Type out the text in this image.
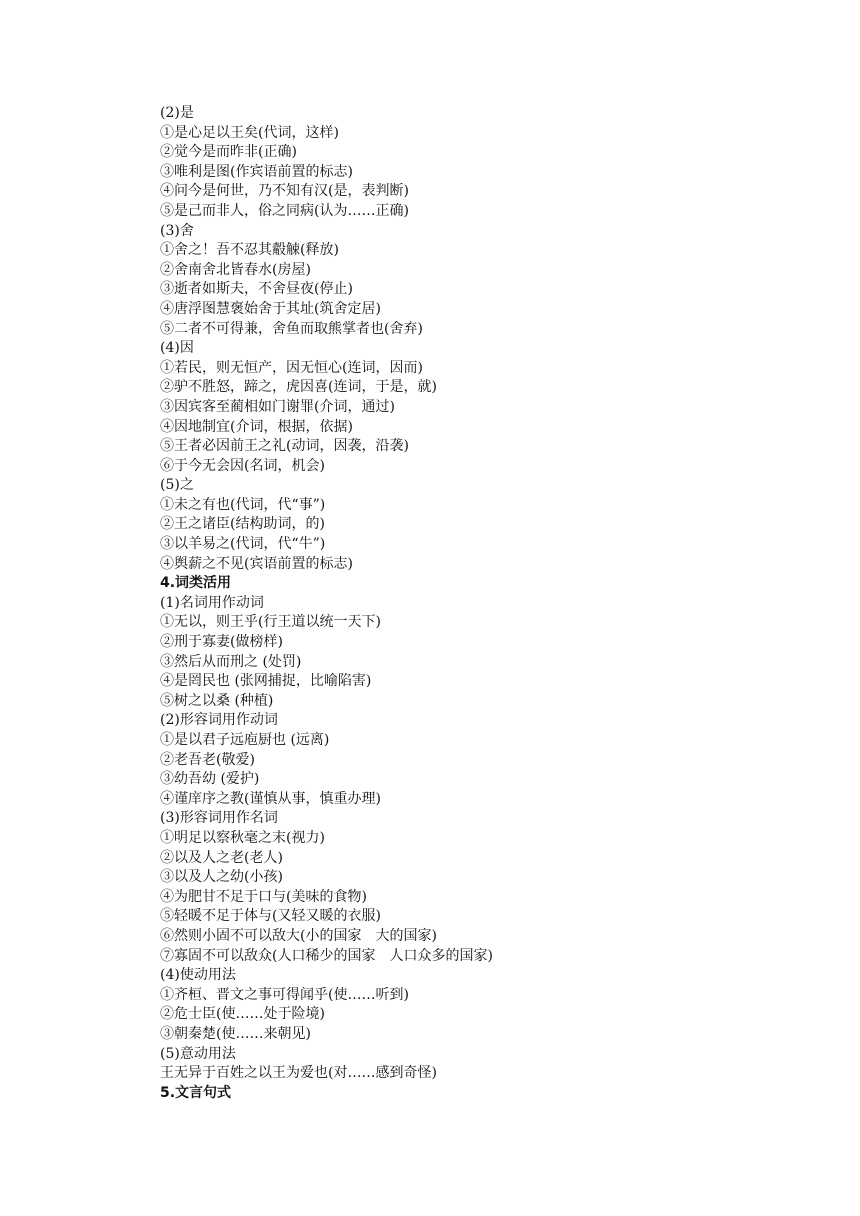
(2)是
①是心足以王矣(代词，这样)
②觉今是而昨非(正确)
③唯利是图(作宾语前置的标志)
④问今是何世，乃不知有汉(是，表判断)
⑤是己而非人，俗之同病(认为……正确)
(3)舍
①舍之！吾不忍其觳觫(释放)
②舍南舍北皆春水(房屋)
③逝者如斯夫，不舍昼夜(停止)
④唐浮图慧褒始舍于其址(筑舍定居)
⑤二者不可得兼，舍鱼而取熊掌者也(舍弃)
(4)因
①若民，则无恒产，因无恒心(连词，因而)
②驴不胜怒，蹄之，虎因喜(连词，于是，就)
③因宾客至蔺相如门谢罪(介词，通过)
④因地制宜(介词，根据，依据)
⑤王者必因前王之礼(动词，因袭，沿袭)
⑥于今无会因(名词，机会)
(5)之
①未之有也(代词，代“事”)
②王之诸臣(结构助词，的)
③以羊易之(代词，代“牛”)
④舆薪之不见(宾语前置的标志)
4.词类活用
(1)名词用作动词
①无以，则王乎(行王道以统一天下)
②刑于寡妻(做榜样)
③然后从而刑之 (处罚)
④是罔民也 (张网捕捉，比喻陷害)
⑤树之以桑 (种植)
(2)形容词用作动词
①是以君子远庖厨也 (远离)
②老吾老(敬爱)
③幼吾幼 (爱护)
④谨庠序之教(谨慎从事，慎重办理)
(3)形容词用作名词
①明足以察秋毫之末(视力)
②以及人之老(老人)
③以及人之幼(小孩)
④为肥甘不足于口与(美味的食物)
⑤轻暖不足于体与(又轻又暖的衣服)
⑥然则小固不可以敌大(小的国家　大的国家)
⑦寡固不可以敌众(人口稀少的国家　人口众多的国家)
(4)使动用法
①齐桓、晋文之事可得闻乎(使……听到)
②危士臣(使……处于险境)
③朝秦楚(使……来朝见)
(5)意动用法
王无异于百姓之以王为爱也(对……感到奇怪)
5.文言句式
